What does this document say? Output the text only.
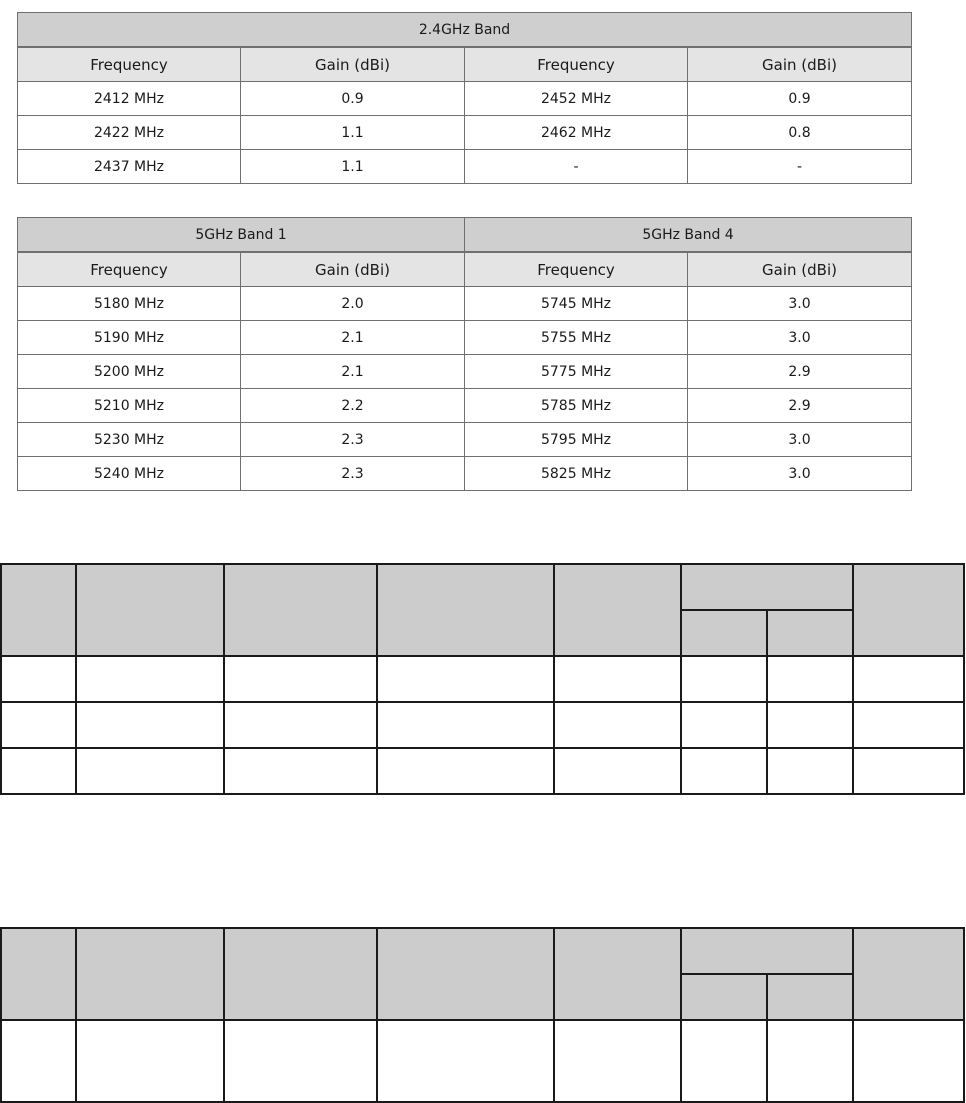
2.4GHz Band			
Frequency	Gain (dBi)	Frequency	Gain (dBi)
2412 MHz	0.9	2452 MHz	0.9
2422 MHz	1.1	2462 MHz	0.8
2437 MHz	1.1	-	-
5GHz Band 1		5GHz Band 4	
Frequency	Gain (dBi)	Frequency	Gain (dBi)
5180 MHz	2.0	5745 MHz	3.0
5190 MHz	2.1	5755 MHz	3.0
5200 MHz	2.1	5775 MHz	2.9
5210 MHz	2.2	5785 MHz	2.9
5230 MHz	2.3	5795 MHz	3.0
5240 MHz	2.3	5825 MHz	3.0
